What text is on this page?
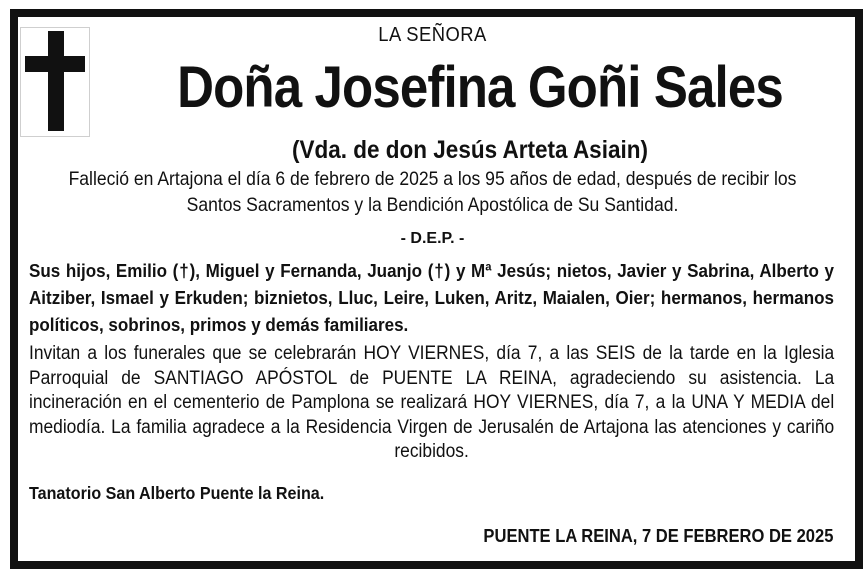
LA SEÑORA
Doña Josefina Goñi Sales
(Vda. de don Jesús Arteta Asiain)
Falleció en Artajona el día 6 de febrero de 2025 a los 95 años de edad, después de recibir los Santos Sacramentos y la Bendición Apostólica de Su Santidad.
- D.E.P. -
Sus hijos, Emilio (†), Miguel y Fernanda, Juanjo (†) y Mª Jesús; nietos, Javier y Sabrina, Alberto y Aitziber, Ismael y Erkuden; biznietos, Lluc, Leire, Luken, Aritz, Maialen, Oier; hermanos, hermanos políticos, sobrinos, primos y demás familiares.
Invitan a los funerales que se celebrarán HOY VIERNES, día 7, a las SEIS de la tarde en la Iglesia Parroquial de SANTIAGO APÓSTOL de PUENTE LA REINA, agradeciendo su asistencia. La incineración en el cementerio de Pamplona se realizará HOY VIERNES, día 7, a la UNA Y MEDIA del mediodía. La familia agradece a la Residencia Virgen de Jerusalén de Artajona las atenciones y cariño recibidos.
Tanatorio San Alberto Puente la Reina.
PUENTE LA REINA, 7 DE FEBRERO DE 2025
